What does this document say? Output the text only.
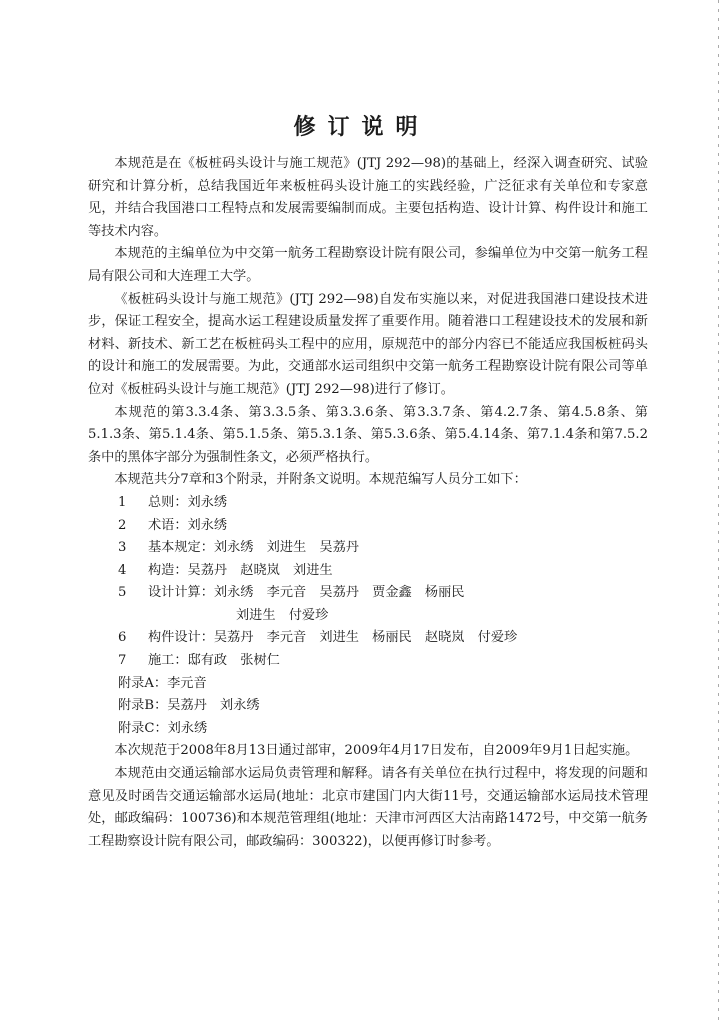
修订说明

本规范是在《板桩码头设计与施工规范》(JTJ 292—98)的基础上，经深入调查研究、试验研究和计算分析，总结我国近年来板桩码头设计施工的实践经验，广泛征求有关单位和专家意见，并结合我国港口工程特点和发展需要编制而成。主要包括构造、设计计算、构件设计和施工等技术内容。

本规范的主编单位为中交第一航务工程勘察设计院有限公司，参编单位为中交第一航务工程局有限公司和大连理工大学。

《板桩码头设计与施工规范》(JTJ 292—98)自发布实施以来，对促进我国港口建设技术进步，保证工程安全，提高水运工程建设质量发挥了重要作用。随着港口工程建设技术的发展和新材料、新技术、新工艺在板桩码头工程中的应用，原规范中的部分内容已不能适应我国板桩码头的设计和施工的发展需要。为此，交通部水运司组织中交第一航务工程勘察设计院有限公司等单位对《板桩码头设计与施工规范》(JTJ 292—98)进行了修订。

本规范的第3.3.4条、第3.3.5条、第3.3.6条、第3.3.7条、第4.2.7条、第4.5.8条、第5.1.3条、第5.1.4条、第5.1.5条、第5.3.1条、第5.3.6条、第5.4.14条、第7.1.4条和第7.5.2条中的黑体字部分为强制性条文，必须严格执行。

本规范共分7章和3个附录，并附条文说明。本规范编写人员分工如下：

1	总则：刘永绣
2	术语：刘永绣
3	基本规定：刘永绣　刘进生　吴荔丹
4	构造：吴荔丹　赵晓岚　刘进生
5	设计计算：刘永绣　李元音　吴荔丹　贾金鑫　杨丽民
刘进生　付爱珍
6	构件设计：吴荔丹　李元音　刘进生　杨丽民　赵晓岚　付爱珍
7	施工：邸有政　张树仁
附录A：李元音
附录B：吴荔丹　刘永绣
附录C：刘永绣

本次规范于2008年8月13日通过部审，2009年4月17日发布，自2009年9月1日起实施。

本规范由交通运输部水运局负责管理和解释。请各有关单位在执行过程中，将发现的问题和意见及时函告交通运输部水运局(地址：北京市建国门内大街11号，交通运输部水运局技术管理处，邮政编码：100736)和本规范管理组(地址：天津市河西区大沽南路1472号，中交第一航务工程勘察设计院有限公司，邮政编码：300322)，以便再修订时参考。
